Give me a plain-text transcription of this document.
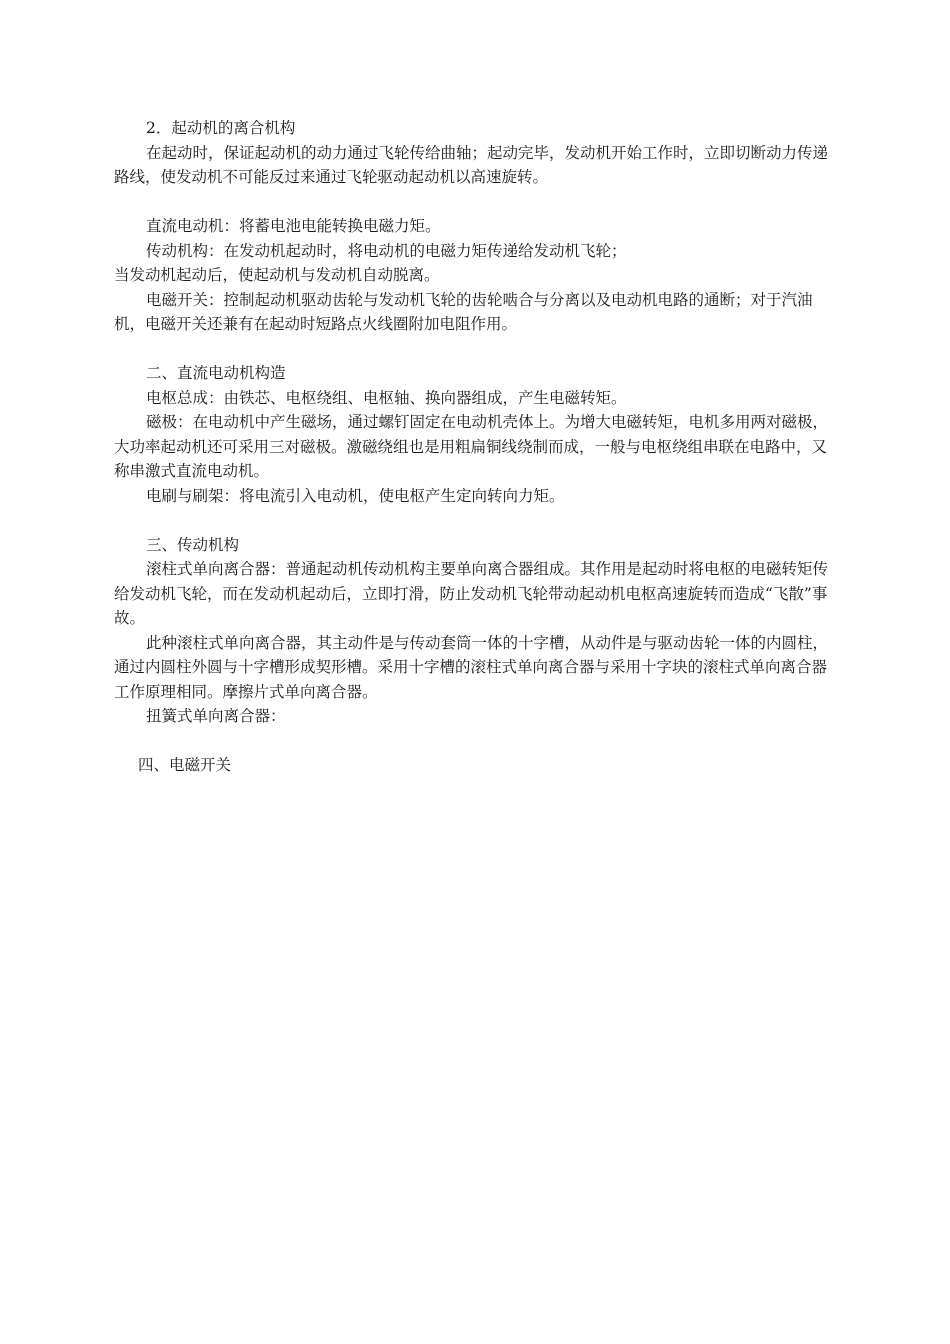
2．起动机的离合机构

在起动时，保证起动机的动力通过飞轮传给曲轴；起动完毕，发动机开始工作时，立即切断动力传递路线，使发动机不可能反过来通过飞轮驱动起动机以高速旋转。

直流电动机：将蓄电池电能转换电磁力矩。

传动机构：在发动机起动时，将电动机的电磁力矩传递给发动机飞轮；

当发动机起动后，使起动机与发动机自动脱离。

电磁开关：控制起动机驱动齿轮与发动机飞轮的齿轮啮合与分离以及电动机电路的通断；对于汽油机，电磁开关还兼有在起动时短路点火线圈附加电阻作用。

二、直流电动机构造

电枢总成：由铁芯、电枢绕组、电枢轴、换向器组成，产生电磁转矩。

磁极：在电动机中产生磁场，通过螺钉固定在电动机壳体上。为增大电磁转矩，电机多用两对磁极，大功率起动机还可采用三对磁极。激磁绕组也是用粗扁铜线绕制而成，一般与电枢绕组串联在电路中，又称串激式直流电动机。

电刷与刷架：将电流引入电动机，使电枢产生定向转向力矩。

三、传动机构

滚柱式单向离合器：普通起动机传动机构主要单向离合器组成。其作用是起动时将电枢的电磁转矩传给发动机飞轮，而在发动机起动后，立即打滑，防止发动机飞轮带动起动机电枢高速旋转而造成“飞散”事故。

此种滚柱式单向离合器，其主动件是与传动套筒一体的十字槽，从动件是与驱动齿轮一体的内圆柱，通过内圆柱外圆与十字槽形成契形槽。采用十字槽的滚柱式单向离合器与采用十字块的滚柱式单向离合器工作原理相同。摩擦片式单向离合器。

扭簧式单向离合器：

四、电磁开关
